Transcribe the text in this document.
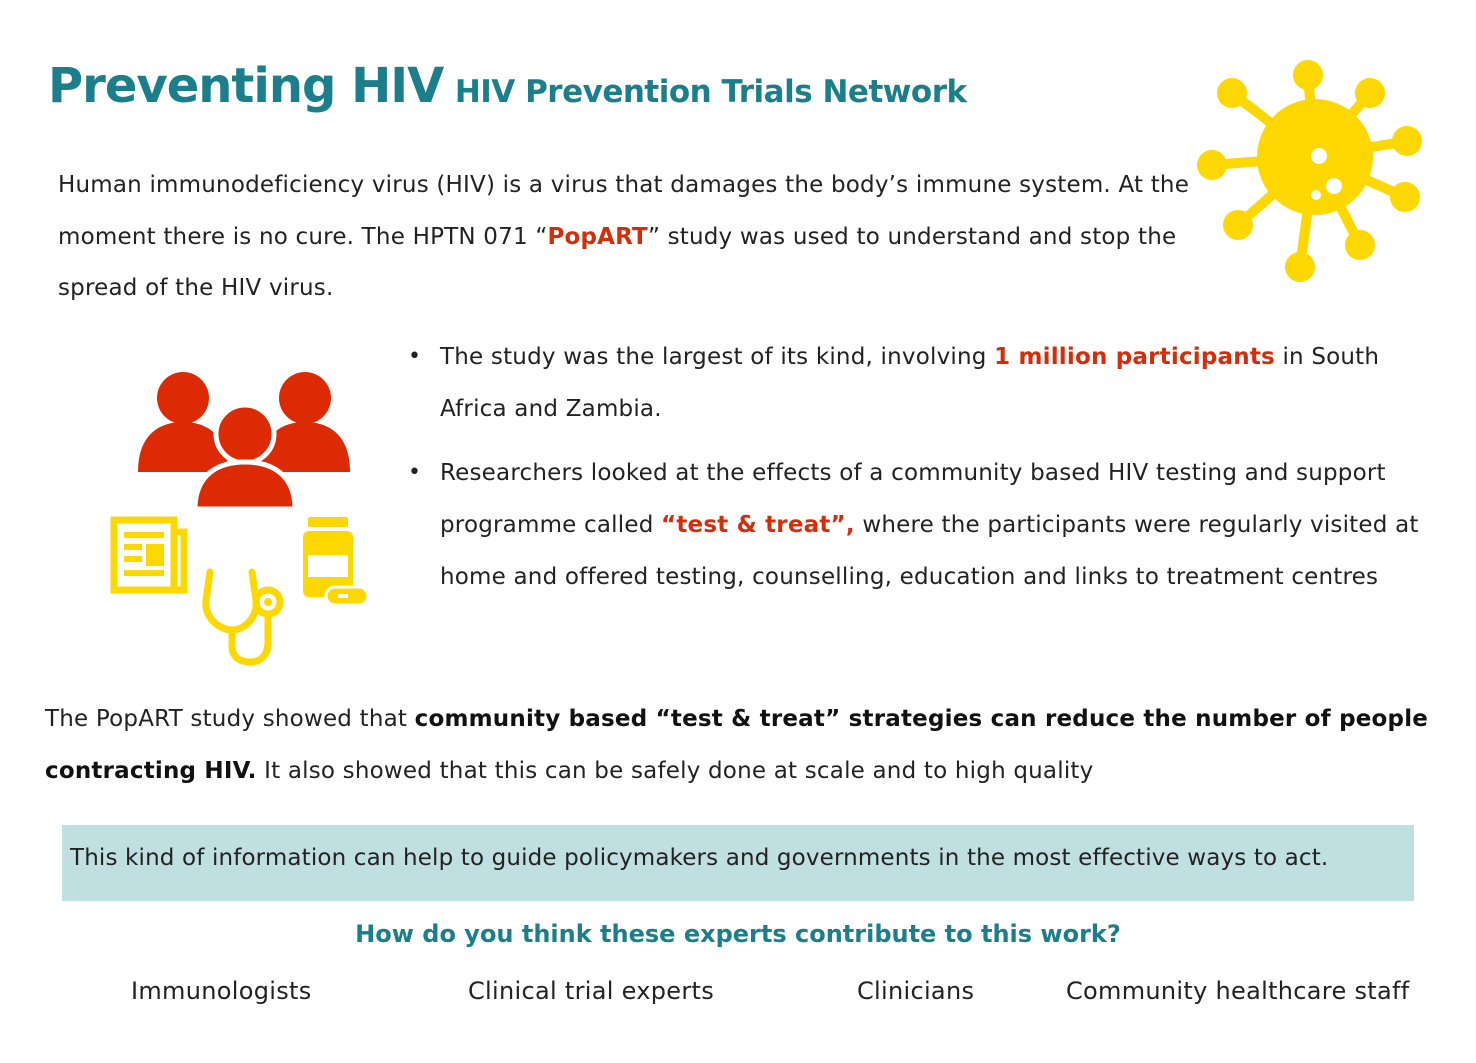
Preventing HIV HIV Prevention Trials Network
Human immunodeficiency virus (HIV) is a virus that damages the body’s immune system. At the moment there is no cure. The HPTN 071 “PopART” study was used to understand and stop the spread of the HIV virus.
• The study was the largest of its kind, involving 1 million participants in South Africa and Zambia.
• Researchers looked at the effects of a community based HIV testing and support programme called “test & treat”, where the participants were regularly visited at home and offered testing, counselling, education and links to treatment centres
The PopART study showed that community based “test & treat” strategies can reduce the number of people contracting HIV. It also showed that this can be safely done at scale and to high quality
This kind of information can help to guide policymakers and governments in the most effective ways to act.
How do you think these experts contribute to this work?
Immunologists	Clinical trial experts	Clinicians	Community healthcare staff
